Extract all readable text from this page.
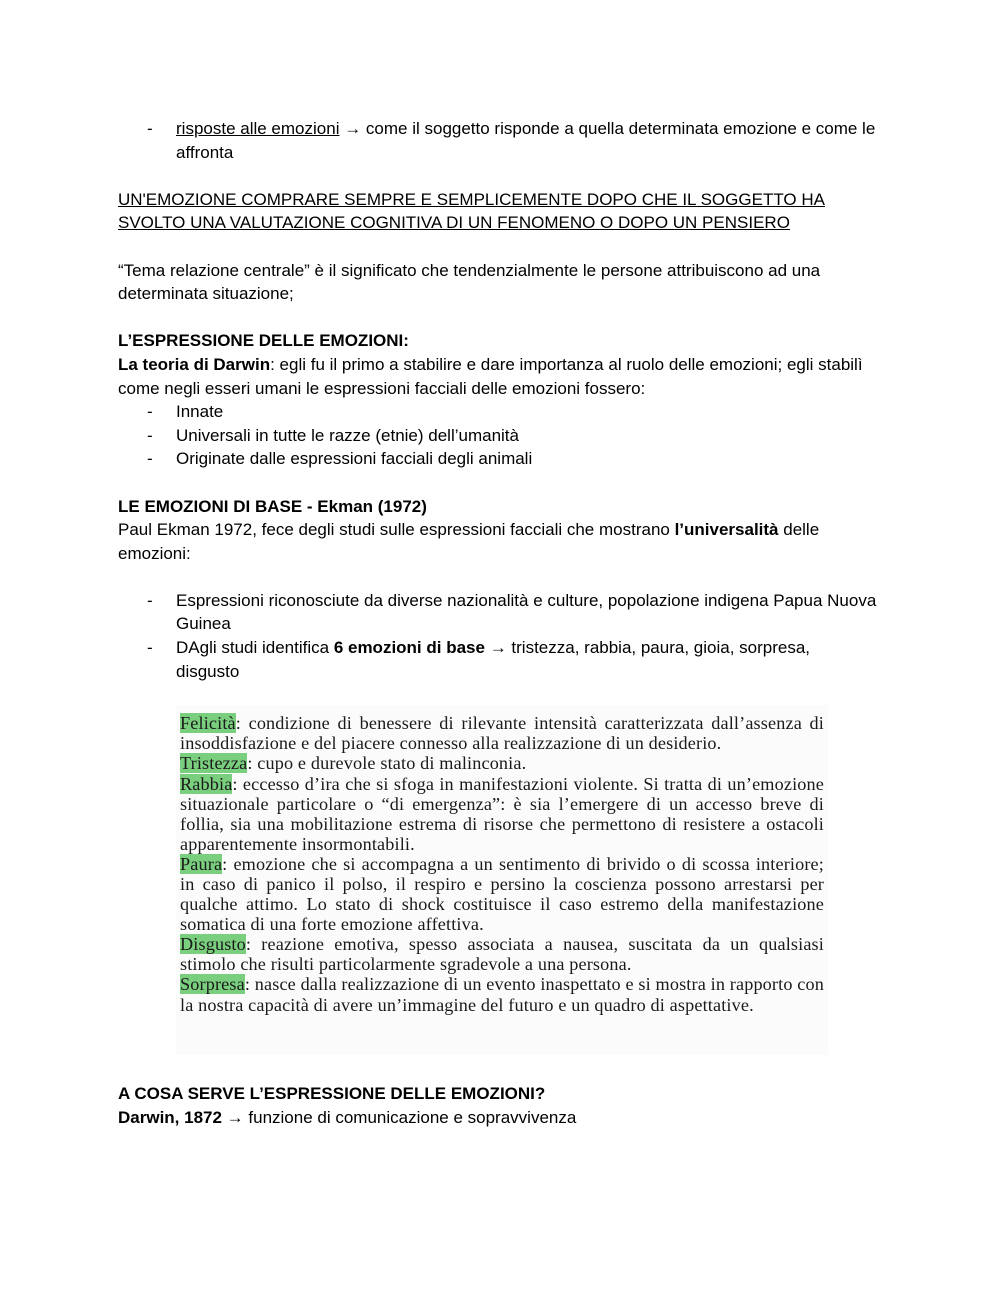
- risposte alle emozioni → come il soggetto risponde a quella determinata emozione e come le affronta

UN'EMOZIONE COMPRARE SEMPRE E SEMPLICEMENTE DOPO CHE IL SOGGETTO HA SVOLTO UNA VALUTAZIONE COGNITIVA DI UN FENOMENO O DOPO UN PENSIERO

“Tema relazione centrale” è il significato che tendenzialmente le persone attribuiscono ad una determinata situazione;

L’ESPRESSIONE DELLE EMOZIONI:

La teoria di Darwin: egli fu il primo a stabilire e dare importanza al ruolo delle emozioni; egli stabilì come negli esseri umani le espressioni facciali delle emozioni fossero:

- Innate
- Universali in tutte le razze (etnie) dell’umanità
- Originate dalle espressioni facciali degli animali

LE EMOZIONI DI BASE - Ekman (1972)

Paul Ekman 1972, fece degli studi sulle espressioni facciali che mostrano l’universalità delle emozioni:

- Espressioni riconosciute da diverse nazionalità e culture, popolazione indigena Papua Nuova Guinea
- DAgli studi identifica 6 emozioni di base → tristezza, rabbia, paura, gioia, sorpresa, disgusto

Felicità: condizione di benessere di rilevante intensità caratterizzata dall’assenza di insoddisfazione e del piacere connesso alla realizzazione di un desiderio.

Tristezza: cupo e durevole stato di malinconia.

Rabbia: eccesso d’ira che si sfoga in manifestazioni violente. Si tratta di un’emozione situazionale particolare o “di emergenza”: è sia l’emergere di un accesso breve di follia, sia una mobilitazione estrema di risorse che permettono di resistere a ostacoli apparentemente insormontabili.

Paura: emozione che si accompagna a un sentimento di brivido o di scossa interiore; in caso di panico il polso, il respiro e persino la coscienza possono arrestarsi per qualche attimo. Lo stato di shock costituisce il caso estremo della manifestazione somatica di una forte emozione affettiva.

Disgusto: reazione emotiva, spesso associata a nausea, suscitata da un qualsiasi stimolo che risulti particolarmente sgradevole a una persona.

Sorpresa: nasce dalla realizzazione di un evento inaspettato e si mostra in rapporto con la nostra capacità di avere un’immagine del futuro e un quadro di aspettative.

A COSA SERVE L’ESPRESSIONE DELLE EMOZIONI?

Darwin, 1872 → funzione di comunicazione e sopravvivenza
